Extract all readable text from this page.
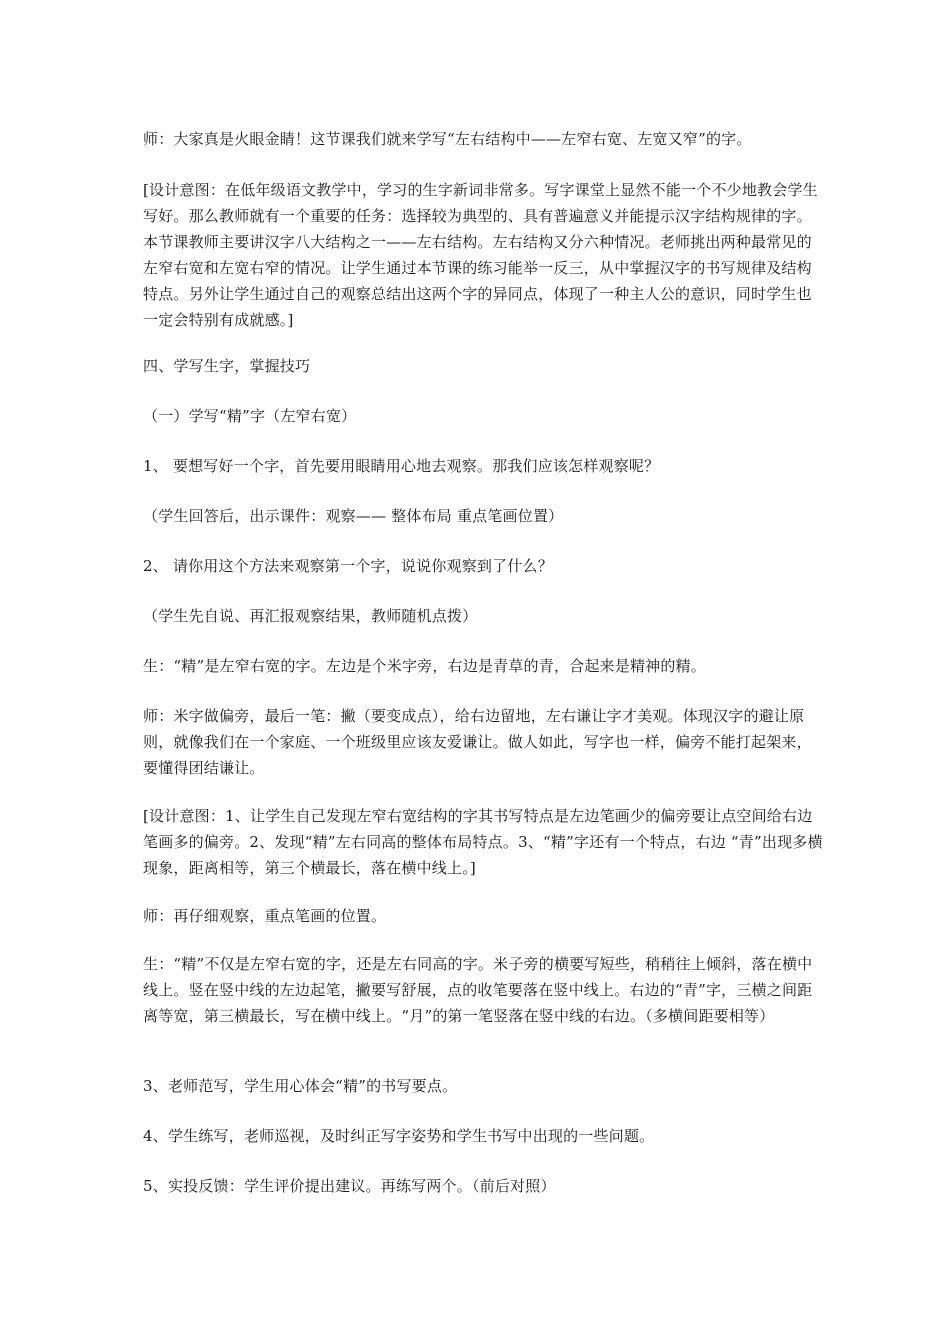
师：大家真是火眼金睛！这节课我们就来学写“左右结构中——左窄右宽、左宽又窄”的字。

[设计意图：在低年级语文教学中，学习的生字新词非常多。写字课堂上显然不能一个不少地教会学生写好。那么教师就有一个重要的任务：选择较为典型的、具有普遍意义并能提示汉字结构规律的字。本节课教师主要讲汉字八大结构之一——左右结构。左右结构又分六种情况。老师挑出两种最常见的左窄右宽和左宽右窄的情况。让学生通过本节课的练习能举一反三，从中掌握汉字的书写规律及结构特点。另外让学生通过自己的观察总结出这两个字的异同点，体现了一种主人公的意识，同时学生也一定会特别有成就感。]

四、学写生字，掌握技巧

（一）学写“精”字（左窄右宽）

1、 要想写好一个字，首先要用眼睛用心地去观察。那我们应该怎样观察呢？

（学生回答后，出示课件：观察—— 整体布局 重点笔画位置）

2、 请你用这个方法来观察第一个字，说说你观察到了什么？

（学生先自说、再汇报观察结果，教师随机点拨）

生：“精”是左窄右宽的字。左边是个米字旁，右边是青草的青，合起来是精神的精。

师：米字做偏旁，最后一笔：撇（要变成点），给右边留地，左右谦让字才美观。体现汉字的避让原则，就像我们在一个家庭、一个班级里应该友爱谦让。做人如此，写字也一样，偏旁不能打起架来，要懂得团结谦让。

[设计意图：1、让学生自己发现左窄右宽结构的字其书写特点是左边笔画少的偏旁要让点空间给右边笔画多的偏旁。2、发现“精”左右同高的整体布局特点。3、“精”字还有一个特点，右边 “青”出现多横现象，距离相等，第三个横最长，落在横中线上。]

师：再仔细观察，重点笔画的位置。

生：“精”不仅是左窄右宽的字，还是左右同高的字。米子旁的横要写短些，稍稍往上倾斜，落在横中线上。竖在竖中线的左边起笔，撇要写舒展，点的收笔要落在竖中线上。右边的“青”字，三横之间距离等宽，第三横最长，写在横中线上。“月”的第一笔竖落在竖中线的右边。（多横间距要相等）

3、老师范写，学生用心体会“精”的书写要点。

4、学生练写，老师巡视，及时纠正写字姿势和学生书写中出现的一些问题。

5、实投反馈：学生评价提出建议。再练写两个。（前后对照）
